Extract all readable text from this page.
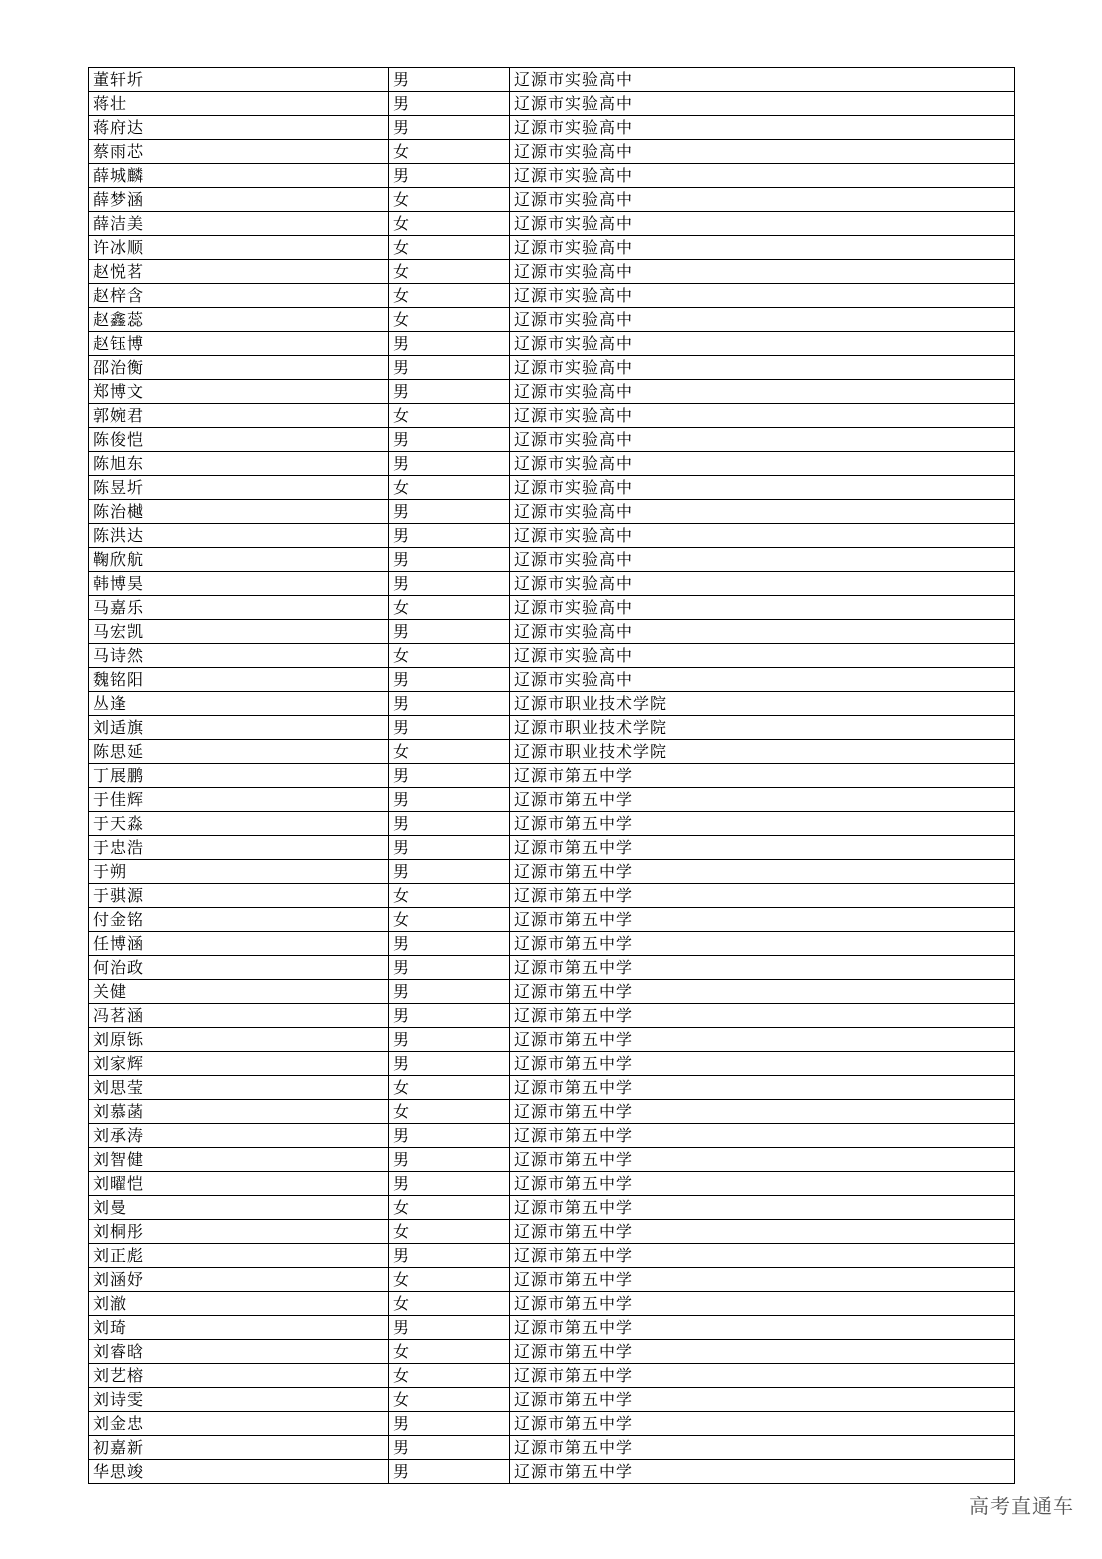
董轩圻	男	辽源市实验高中
蒋壮	男	辽源市实验高中
蒋府达	男	辽源市实验高中
蔡雨芯	女	辽源市实验高中
薛城麟	男	辽源市实验高中
薛梦涵	女	辽源市实验高中
薛洁美	女	辽源市实验高中
许冰顺	女	辽源市实验高中
赵悦茗	女	辽源市实验高中
赵梓含	女	辽源市实验高中
赵鑫蕊	女	辽源市实验高中
赵钰博	男	辽源市实验高中
邵治衡	男	辽源市实验高中
郑博文	男	辽源市实验高中
郭婉君	女	辽源市实验高中
陈俊恺	男	辽源市实验高中
陈旭东	男	辽源市实验高中
陈昱圻	女	辽源市实验高中
陈治樾	男	辽源市实验高中
陈洪达	男	辽源市实验高中
鞠欣航	男	辽源市实验高中
韩博昊	男	辽源市实验高中
马嘉乐	女	辽源市实验高中
马宏凯	男	辽源市实验高中
马诗然	女	辽源市实验高中
魏铭阳	男	辽源市实验高中
丛逢	男	辽源市职业技术学院
刘适旗	男	辽源市职业技术学院
陈思延	女	辽源市职业技术学院
丁展鹏	男	辽源市第五中学
于佳辉	男	辽源市第五中学
于天淼	男	辽源市第五中学
于忠浩	男	辽源市第五中学
于朔	男	辽源市第五中学
于骐源	女	辽源市第五中学
付金铭	女	辽源市第五中学
任博涵	男	辽源市第五中学
何治政	男	辽源市第五中学
关健	男	辽源市第五中学
冯茗涵	男	辽源市第五中学
刘原铄	男	辽源市第五中学
刘家辉	男	辽源市第五中学
刘思莹	女	辽源市第五中学
刘慕菡	女	辽源市第五中学
刘承涛	男	辽源市第五中学
刘智健	男	辽源市第五中学
刘曜恺	男	辽源市第五中学
刘曼	女	辽源市第五中学
刘桐彤	女	辽源市第五中学
刘正彪	男	辽源市第五中学
刘涵妤	女	辽源市第五中学
刘澈	女	辽源市第五中学
刘琦	男	辽源市第五中学
刘睿晗	女	辽源市第五中学
刘艺榕	女	辽源市第五中学
刘诗雯	女	辽源市第五中学
刘金忠	男	辽源市第五中学
初嘉新	男	辽源市第五中学
华思竣	男	辽源市第五中学
高考直通车
